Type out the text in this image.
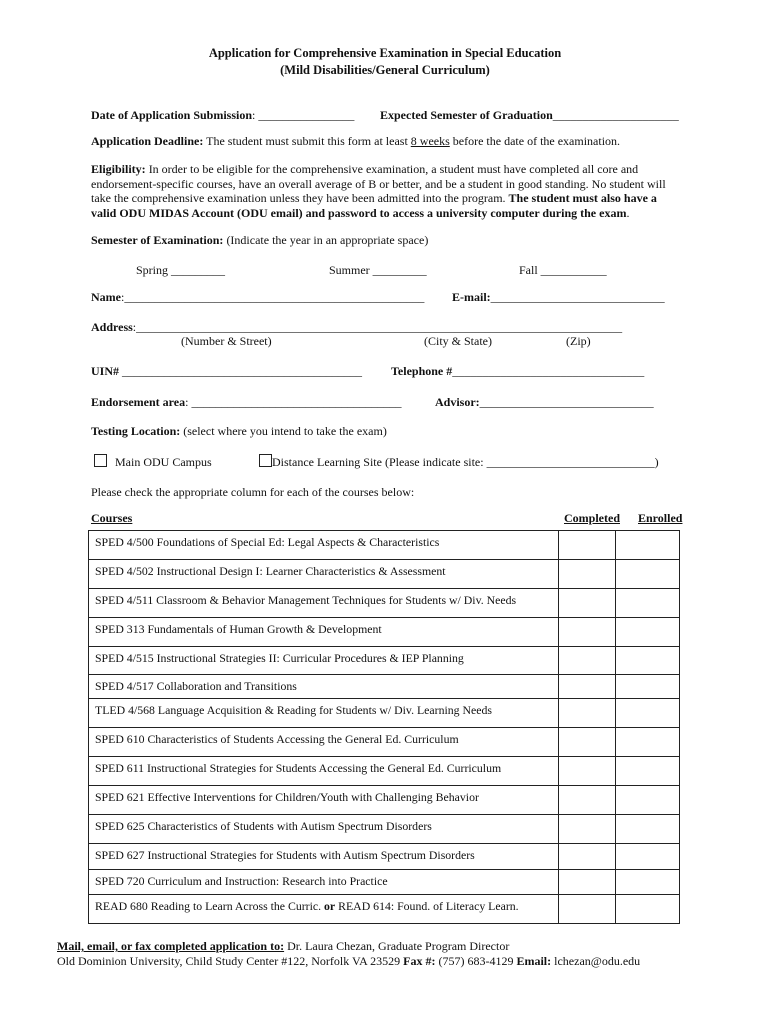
Application for Comprehensive Examination in Special Education
(Mild Disabilities/General Curriculum)
Date of Application Submission: ________________ Expected Semester of Graduation_____________________
Application Deadline: The student must submit this form at least 8 weeks before the date of the examination.
Eligibility: In order to be eligible for the comprehensive examination, a student must have completed all core and endorsement-specific courses, have an overall average of B or better, and be a student in good standing. No student will take the comprehensive examination unless they have been admitted into the program. The student must also have a valid ODU MIDAS Account (ODU email) and password to access a university computer during the exam.
Semester of Examination: (Indicate the year in an appropriate space)
Spring _________	Summer _________	Fall ___________
Name:__________________________________________________ E-mail:_____________________________
Address:_________________________________________________________________________________
(Number & Street)	(City & State)	(Zip)
UIN# ________________________________________ Telephone #________________________________
Endorsement area: ___________________________________	Advisor:_____________________________
Testing Location: (select where you intend to take the exam)
Main ODU Campus	Distance Learning Site (Please indicate site: ____________________________)
Please check the appropriate column for each of the courses below:
Courses	Completed Enrolled
SPED 4/500 Foundations of Special Ed: Legal Aspects & Characteristics		
SPED 4/502 Instructional Design I: Learner Characteristics & Assessment		
SPED 4/511 Classroom & Behavior Management Techniques for Students w/ Div. Needs		
SPED 313 Fundamentals of Human Growth & Development		
SPED 4/515 Instructional Strategies II: Curricular Procedures & IEP Planning		
SPED 4/517 Collaboration and Transitions		
TLED 4/568 Language Acquisition & Reading for Students w/ Div. Learning Needs		
SPED 610 Characteristics of Students Accessing the General Ed. Curriculum		
SPED 611 Instructional Strategies for Students Accessing the General Ed. Curriculum		
SPED 621 Effective Interventions for Children/Youth with Challenging Behavior		
SPED 625 Characteristics of Students with Autism Spectrum Disorders		
SPED 627 Instructional Strategies for Students with Autism Spectrum Disorders		
SPED 720 Curriculum and Instruction: Research into Practice		
READ 680 Reading to Learn Across the Curric. or READ 614: Found. of Literacy Learn.		
Mail, email, or fax completed application to: Dr. Laura Chezan, Graduate Program Director
Old Dominion University, Child Study Center #122, Norfolk VA 23529 Fax #: (757) 683-4129 Email: lchezan@odu.edu
